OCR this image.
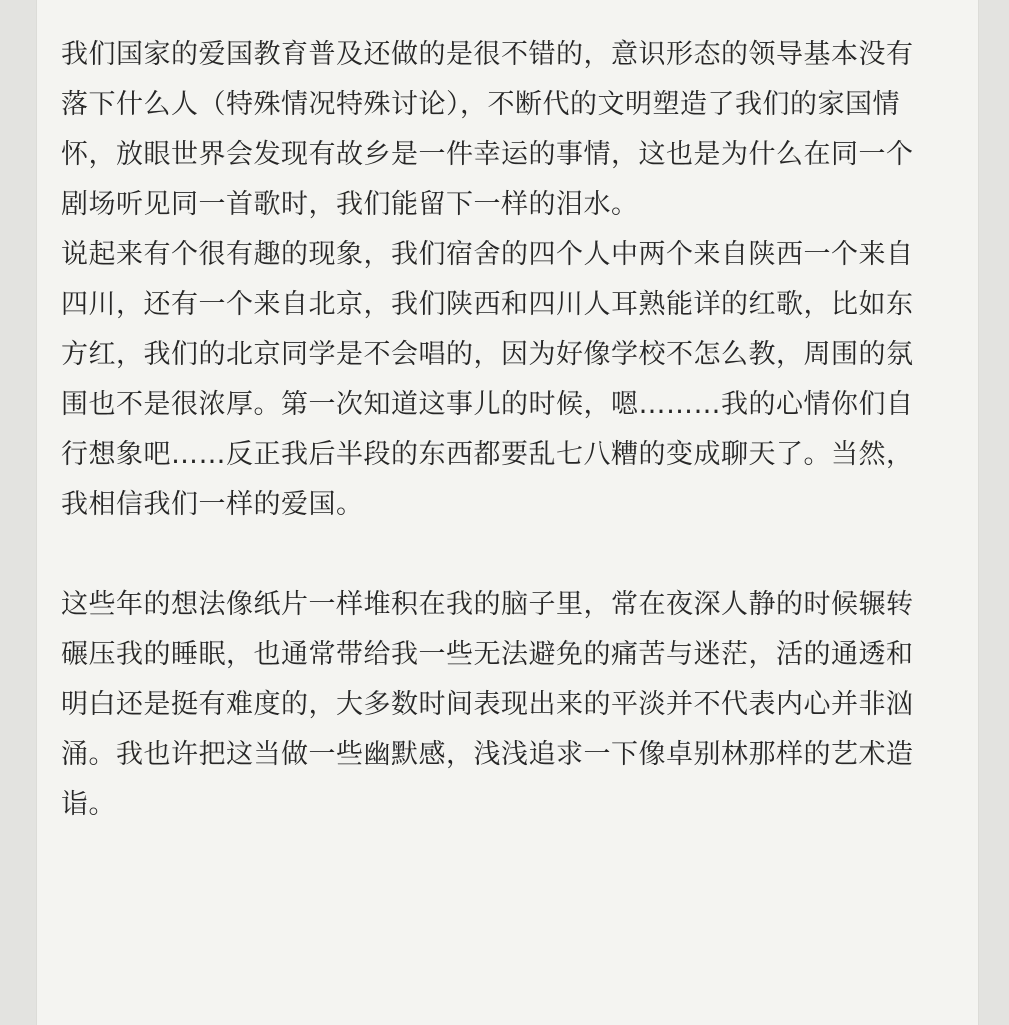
我们国家的爱国教育普及还做的是很不错的，意识形态的领导基本没有落下什么人（特殊情况特殊讨论），不断代的文明塑造了我们的家国情怀，放眼世界会发现有故乡是一件幸运的事情，这也是为什么在同一个剧场听见同一首歌时，我们能留下一样的泪水。

说起来有个很有趣的现象，我们宿舍的四个人中两个来自陕西一个来自四川，还有一个来自北京，我们陕西和四川人耳熟能详的红歌，比如东方红，我们的北京同学是不会唱的，因为好像学校不怎么教，周围的氛围也不是很浓厚。第一次知道这事儿的时候，嗯………我的心情你们自行想象吧……反正我后半段的东西都要乱七八糟的变成聊天了。当然，我相信我们一样的爱国。

这些年的想法像纸片一样堆积在我的脑子里，常在夜深人静的时候辗转碾压我的睡眠，也通常带给我一些无法避免的痛苦与迷茫，活的通透和明白还是挺有难度的，大多数时间表现出来的平淡并不代表内心并非汹涌。我也许把这当做一些幽默感，浅浅追求一下像卓别林那样的艺术造诣。
